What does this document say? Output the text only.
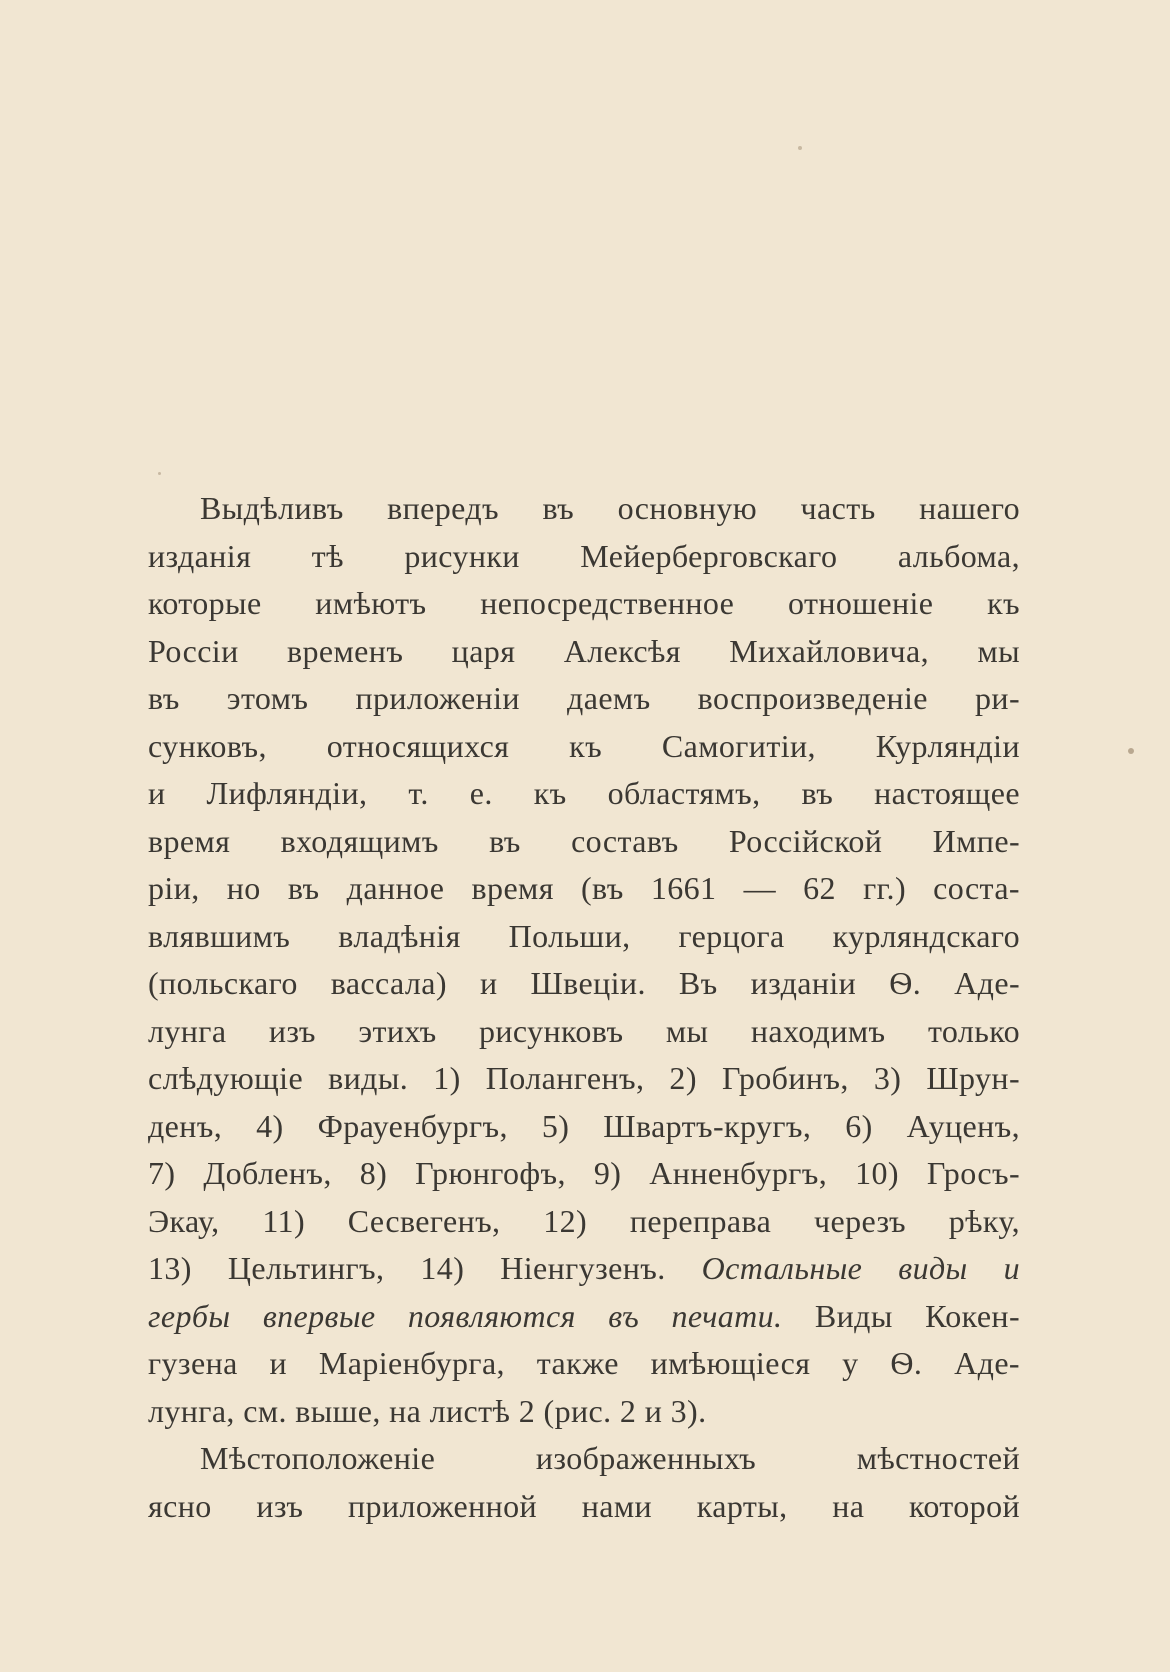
Выдѣливъ впередъ въ основную часть нашего
изданія тѣ рисунки Мейерберговскаго альбома,
которые имѣютъ непосредственное отношеніе къ
Россіи временъ царя Алексѣя Михайловича, мы
въ этомъ приложеніи даемъ воспроизведеніе ри-
сунковъ, относящихся къ Самогитіи, Курляндіи
и Лифляндіи, т. е. къ областямъ, въ настоящее
время входящимъ въ составъ Россійской Импе-
ріи, но въ данное время (въ 1661 — 62 гг.) соста-
влявшимъ владѣнія Польши, герцога курляндскаго
(польскаго вассала) и Швеціи. Въ изданіи Ѳ. Аде-
лунга изъ этихъ рисунковъ мы находимъ только
слѣдующіе виды. 1) Полангенъ, 2) Гробинъ, 3) Шрун-
денъ, 4) Фрауенбургъ, 5) Швартъ-кругъ, 6) Ауценъ,
7) Доблeнъ, 8) Грюнгофъ, 9) Анненбургъ, 10) Гросъ-
Экау, 11) Сесвегенъ, 12) переправа черезъ рѣку,
13) Цельтингъ, 14) Ніенгузенъ. Остальные виды и
гербы впервые появляются въ печати. Виды Кокен-
гузена и Маріенбурга, также имѣющіеся у Ѳ. Аде-
лунга, см. выше, на листѣ 2 (рис. 2 и 3).
Мѣстоположеніе изображенныхъ мѣстностей
ясно изъ приложенной нами карты, на которой
